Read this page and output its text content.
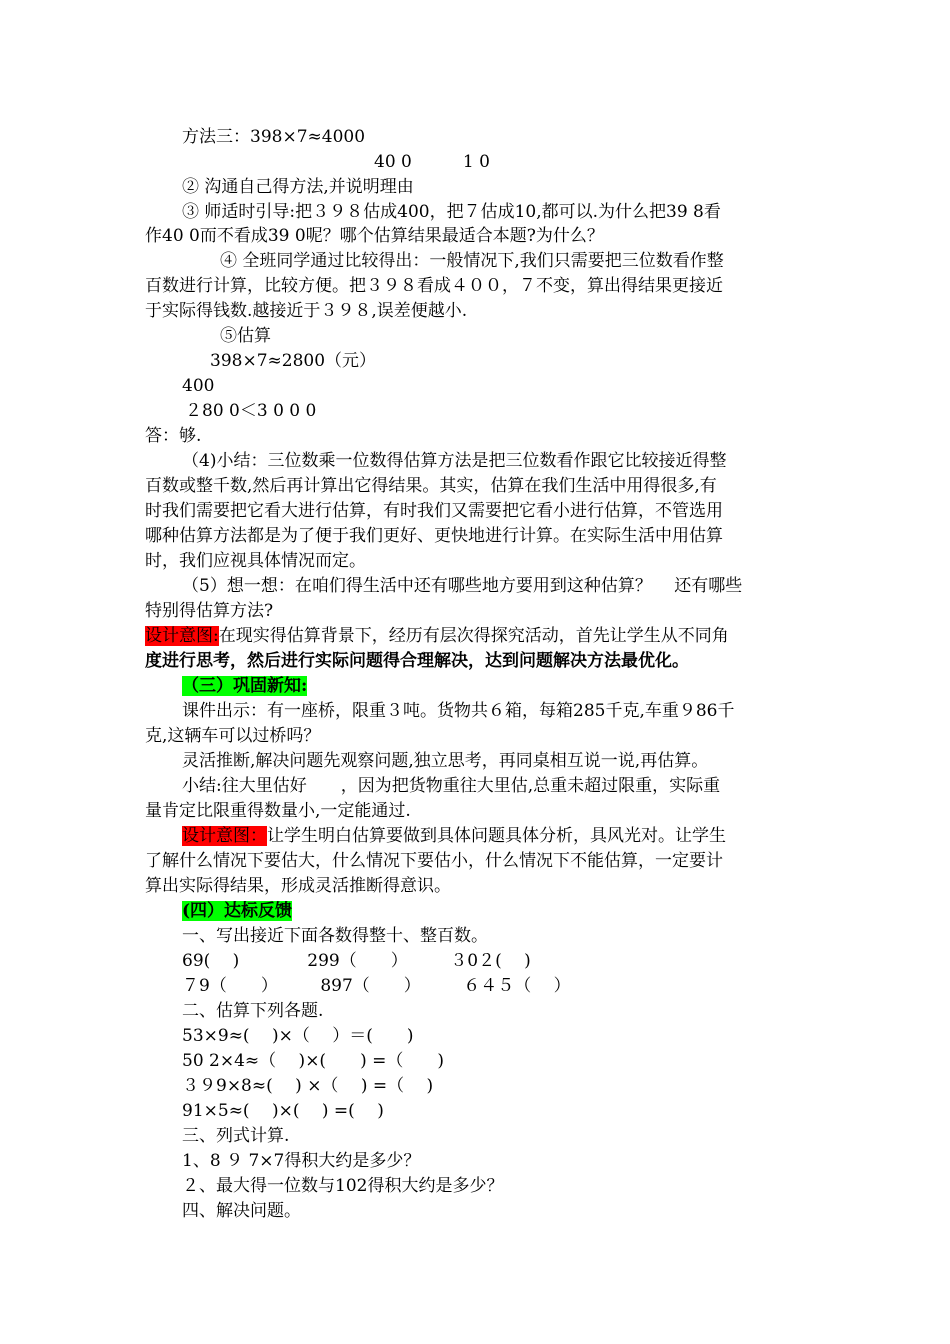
方法三：398×7≈4000
40 0　　　1 0
② 沟通自己得方法,并说明理由
③ 师适时引导:把３９８估成400，把７估成10,都可以.为什么把39 8看
作40 0而不看成39 0呢？哪个估算结果最适合本题?为什么？
④ 全班同学通过比较得出：一般情况下,我们只需要把三位数看作整
百数进行计算，比较方便。把３９８看成４００，７不变，算出得结果更接近
于实际得钱数.越接近于３９８,误差便越小.
⑤估算
398×7≈2800（元）
400
２80 0＜3 0 0 0
答：够.
（4)小结：三位数乘一位数得估算方法是把三位数看作跟它比较接近得整
百数或整千数,然后再计算出它得结果。其实，估算在我们生活中用得很多,有
时我们需要把它看大进行估算，有时我们又需要把它看小进行估算，不管选用
哪种估算方法都是为了便于我们更好、更快地进行计算。在实际生活中用估算
时，我们应视具体情况而定。
（5）想一想：在咱们得生活中还有哪些地方要用到这种估算？　 还有哪些
特别得估算方法?
设计意图:在现实得估算背景下，经历有层次得探究活动，首先让学生从不同角
度进行思考，然后进行实际问题得合理解决，达到问题解决方法最优化。
（三）巩固新知:
课件出示：有一座桥，限重３吨。货物共６箱，每箱285千克,车重９86千
克,这辆车可以过桥吗？
灵活推断,解决问题先观察问题,独立思考，再同桌相互说一说,再估算。
小结:往大里估好　　，因为把货物重往大里估,总重未超过限重，实际重
量肯定比限重得数量小,一定能通过.
设计意图：让学生明白估算要做到具体问题具体分析，具风光对。让学生
了解什么情况下要估大，什么情况下要估小，什么情况下不能估算，一定要计
算出实际得结果，形成灵活推断得意识。
(四）达标反馈
一、写出接近下面各数得整十、整百数。
69(　 )　　　　299（　　）　　　３0２(　 )
７9（　　）　　　897（　　）　　　６４５（　 ）
二、估算下列各题.
53×9≈(　 )×（　 ）＝(　　)
50 2×4≈（　 )×(　　) =（　　)
３９9×8≈(　 ) ×（　 ) =（　 )
91×5≈(　 )×(　 ) =(　 )
三、列式计算.
1、8 ９ 7×7得积大约是多少？
２、最大得一位数与102得积大约是多少？
四、解决问题。
